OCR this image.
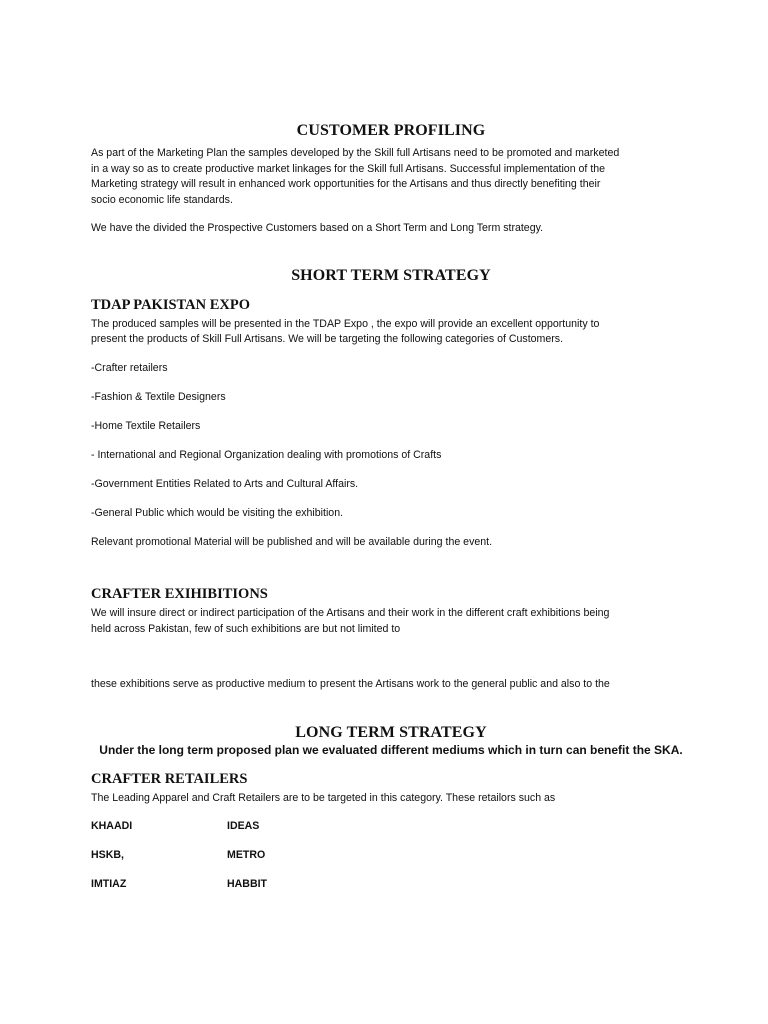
CUSTOMER PROFILING

As part of the Marketing Plan the samples developed by the Skill full Artisans need to be promoted and marketed

in a way so as to create productive market linkages for the Skill full Artisans. Successful implementation of the

Marketing strategy will result in enhanced work opportunities for the Artisans and thus directly benefiting their

socio economic life standards.

We have the divided the Prospective Customers based on a Short Term and Long Term strategy.

SHORT TERM STRATEGY
TDAP PAKISTAN EXPO

The produced samples will be presented in the TDAP Expo , the expo will provide an excellent opportunity to

present the products of Skill Full Artisans. We will be targeting the following categories of Customers.

-Crafter retailers

-Fashion & Textile Designers

-Home Textile Retailers

- International and Regional Organization dealing with promotions of Crafts

-Government Entities Related to Arts and Cultural Affairs.

-General Public which would be visiting the exhibition.

Relevant promotional Material will be published and will be available during the event.

CRAFTER EXIHIBITIONS

We will insure direct or indirect participation of the Artisans and their work in the different craft exhibitions being

held across Pakistan, few of such exhibitions are but not limited to

these exhibitions serve as productive medium to present the Artisans work to the general public and also to the

LONG TERM STRATEGY

Under the long term proposed plan we evaluated different mediums which in turn can benefit the SKA.

CRAFTER RETAILERS

The Leading Apparel and Craft Retailers are to be targeted in this category. These retailors such as

KHAADI	IDEAS
HSKB,	METRO
IMTIAZ	HABBIT
